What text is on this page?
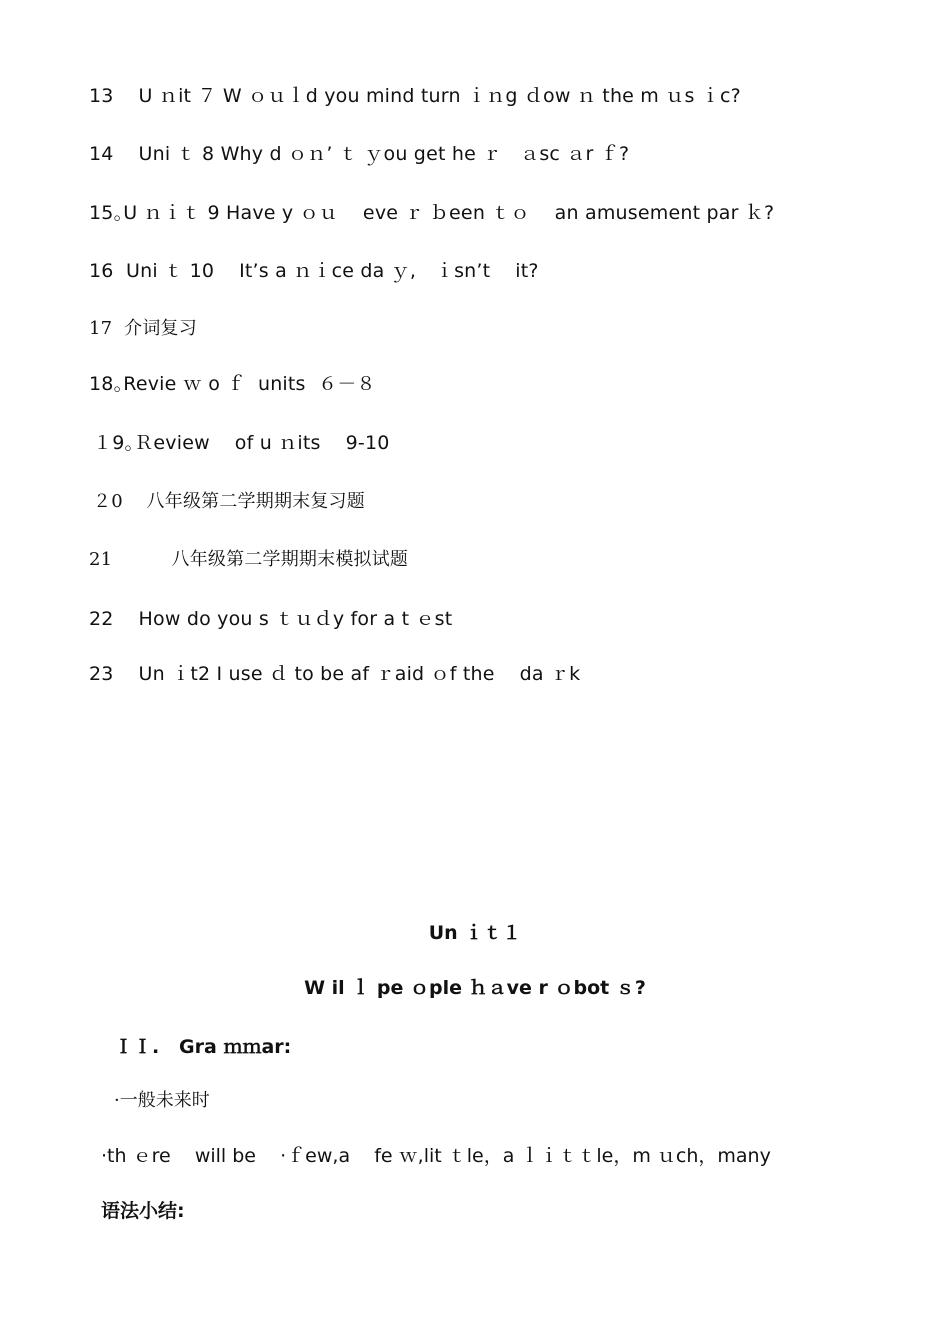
13    U ｎit ７ W ｏｕｌd you mind turn ｉｎg ｄow ｎ the m ｕs ｉc?
14    Uni ｔ 8 Why d ｏｎ’ ｔ ｙou get he ｒ   ａsc ａr ｆ?
15｡U ｎｉｔ 9 Have y ｏｕ    eve ｒ ｂeen ｔｏ    an amusement par ｋ?
16  Uni ｔ 10    It’s a ｎｉce da ｙ,   ｉsn’t    it?
17  介词复习
18｡Revie ｗ o ｆ  units  ６－８
１9｡Ｒeview    of u ｎits    9-10
２0    八年级第二学期期末复习题
21          八年级第二学期期末模拟试题
22    How do you s ｔｕｄy for a t ｅst
23    Un ｉt2 I use ｄ to be af ｒaid ｏf the    da ｒk
Un ｉｔ１
W il ｌ pe ｏple ｈａve r ｏbot ｓ?
ＩＩ.   Gra ｍｍar:
·一般未来时
·th ｅre    will be    ·ｆew,a    fe ｗ,lit ｔle，a ｌｉｔｔle，m ｕch，many
语法小结:
